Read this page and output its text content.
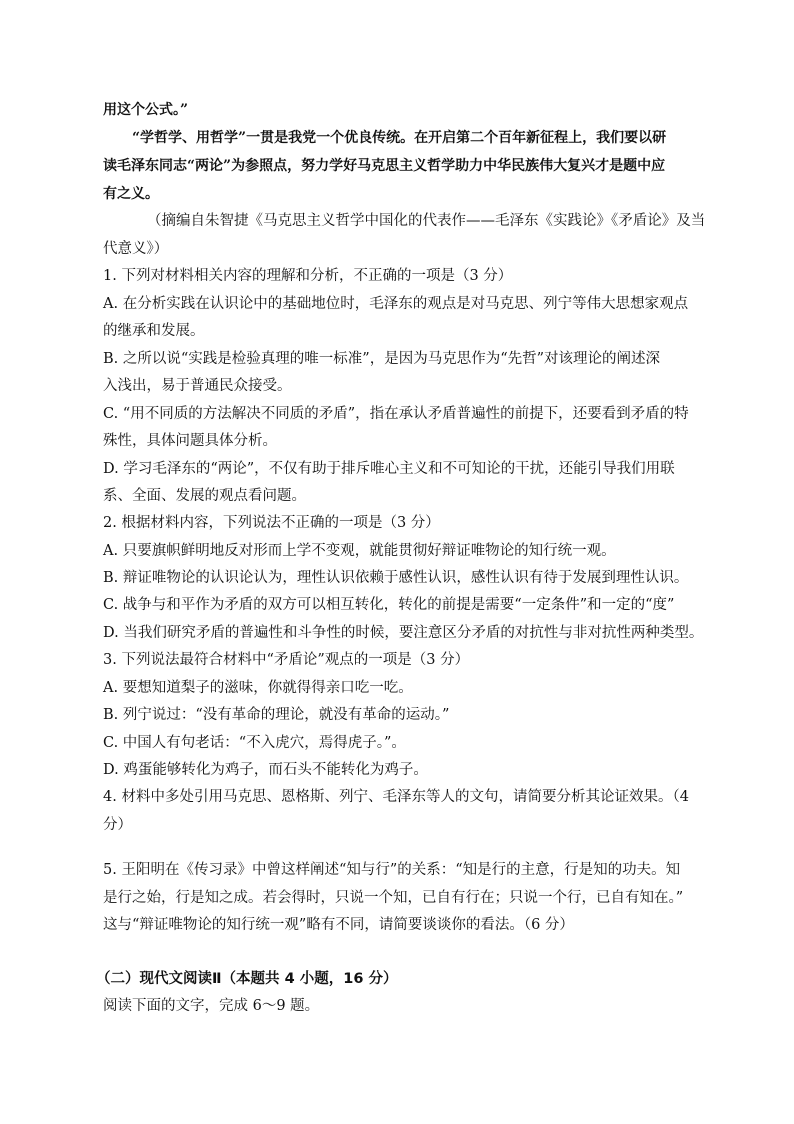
用这个公式。”
“学哲学、用哲学”一贯是我党一个优良传统。在开启第二个百年新征程上，我们要以研
读毛泽东同志“两论”为参照点，努力学好马克思主义哲学助力中华民族伟大复兴才是题中应
有之义。
（摘编自朱智捷《马克思主义哲学中国化的代表作——毛泽东《实践论》《矛盾论》及当
代意义》）
1. 下列对材料相关内容的理解和分析，不正确的一项是（3 分）
A. 在分析实践在认识论中的基础地位时，毛泽东的观点是对马克思、列宁等伟大思想家观点
的继承和发展。
B. 之所以说“实践是检验真理的唯一标准”，是因为马克思作为“先哲”对该理论的阐述深
入浅出，易于普通民众接受。
C. “用不同质的方法解决不同质的矛盾”，指在承认矛盾普遍性的前提下，还要看到矛盾的特
殊性，具体问题具体分析。
D. 学习毛泽东的“两论”，不仅有助于排斥唯心主义和不可知论的干扰，还能引导我们用联
系、全面、发展的观点看问题。
2. 根据材料内容，下列说法不正确的一项是（3 分）
A. 只要旗帜鲜明地反对形而上学不变观，就能贯彻好辩证唯物论的知行统一观。
B. 辩证唯物论的认识论认为，理性认识依赖于感性认识，感性认识有待于发展到理性认识。
C. 战争与和平作为矛盾的双方可以相互转化，转化的前提是需要“一定条件”和一定的“度”
D. 当我们研究矛盾的普遍性和斗争性的时候，要注意区分矛盾的对抗性与非对抗性两种类型。
3. 下列说法最符合材料中“矛盾论”观点的一项是（3 分）
A. 要想知道梨子的滋味，你就得得亲口吃一吃。
B. 列宁说过：“没有革命的理论，就没有革命的运动。”
C. 中国人有句老话：“不入虎穴，焉得虎子。”。
D. 鸡蛋能够转化为鸡子，而石头不能转化为鸡子。
4. 材料中多处引用马克思、恩格斯、列宁、毛泽东等人的文句，请简要分析其论证效果。（4
分）
5. 王阳明在《传习录》中曾这样阐述“知与行”的关系：“知是行的主意，行是知的功夫。知
是行之始，行是知之成。若会得时，只说一个知，已自有行在；只说一个行，已自有知在。”
这与“辩证唯物论的知行统一观”略有不同，请简要谈谈你的看法。（6 分）
（二）现代文阅读Ⅱ（本题共 4 小题，16 分）
阅读下面的文字，完成 6～9 题。
